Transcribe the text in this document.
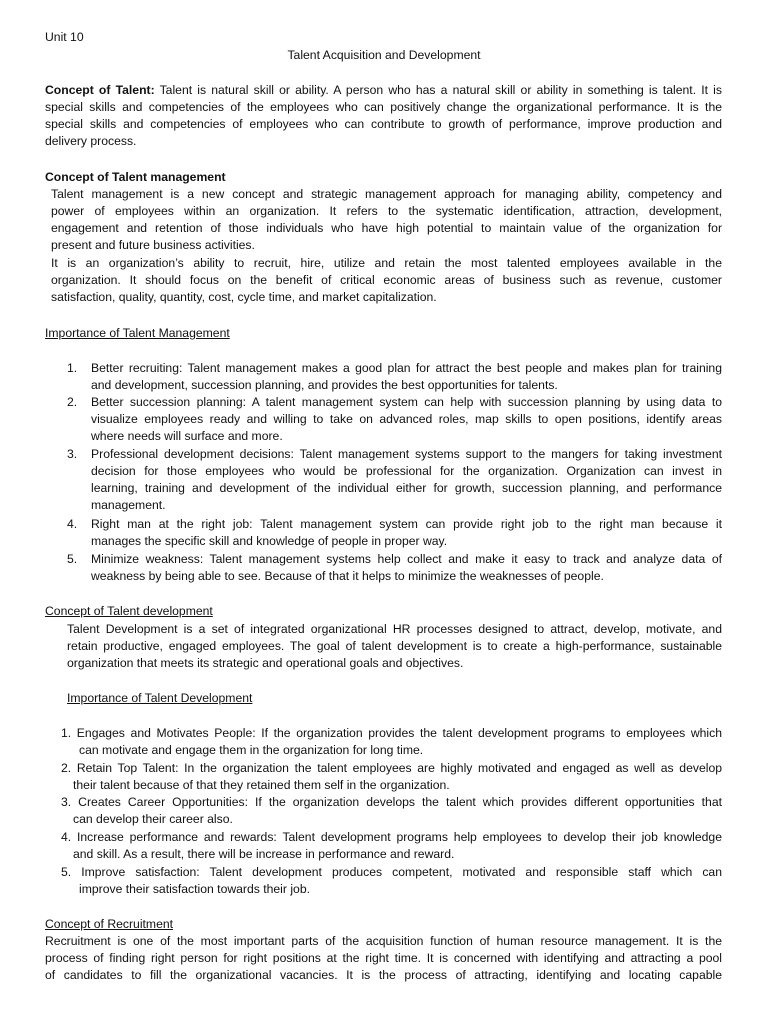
Unit 10
Talent Acquisition and Development
Concept of Talent: Talent is natural skill or ability. A person who has a natural skill or ability in something is talent. It is
special skills and competencies of the employees who can positively change the organizational performance. It is the
special skills and competencies of employees who can contribute to growth of performance, improve production and
delivery process.
Concept of Talent management
Talent management is a new concept and strategic management approach for managing ability, competency and
power of employees within an organization. It refers to the systematic identification, attraction, development,
engagement and retention of those individuals who have high potential to maintain value of the organization for
present and future business activities.
It is an organization’s ability to recruit, hire, utilize and retain the most talented employees available in the
organization. It should focus on the benefit of critical economic areas of business such as revenue, customer
satisfaction, quality, quantity, cost, cycle time, and market capitalization.
Importance of Talent Management
1. Better recruiting: Talent management makes a good plan for attract the best people and makes plan for training
and development, succession planning, and provides the best opportunities for talents.
2. Better succession planning: A talent management system can help with succession planning by using data to
visualize employees ready and willing to take on advanced roles, map skills to open positions, identify areas
where needs will surface and more.
3. Professional development decisions: Talent management systems support to the mangers for taking investment
decision for those employees who would be professional for the organization. Organization can invest in
learning, training and development of the individual either for growth, succession planning, and performance
management.
4. Right man at the right job: Talent management system can provide right job to the right man because it
manages the specific skill and knowledge of people in proper way.
5. Minimize weakness: Talent management systems help collect and make it easy to track and analyze data of
weakness by being able to see. Because of that it helps to minimize the weaknesses of people.
Concept of Talent development
Talent Development is a set of integrated organizational HR processes designed to attract, develop, motivate, and
retain productive, engaged employees. The goal of talent development is to create a high-performance, sustainable
organization that meets its strategic and operational goals and objectives.
Importance of Talent Development
1. Engages and Motivates People: If the organization provides the talent development programs to employees which
can motivate and engage them in the organization for long time.
2. Retain Top Talent: In the organization the talent employees are highly motivated and engaged as well as develop
their talent because of that they retained them self in the organization.
3. Creates Career Opportunities: If the organization develops the talent which provides different opportunities that
can develop their career also.
4. Increase performance and rewards: Talent development programs help employees to develop their job knowledge
and skill. As a result, there will be increase in performance and reward.
5. Improve satisfaction: Talent development produces competent, motivated and responsible staff which can
improve their satisfaction towards their job.
Concept of Recruitment
Recruitment is one of the most important parts of the acquisition function of human resource management. It is the
process of finding right person for right positions at the right time. It is concerned with identifying and attracting a pool
of candidates to fill the organizational vacancies. It is the process of attracting, identifying and locating capable
